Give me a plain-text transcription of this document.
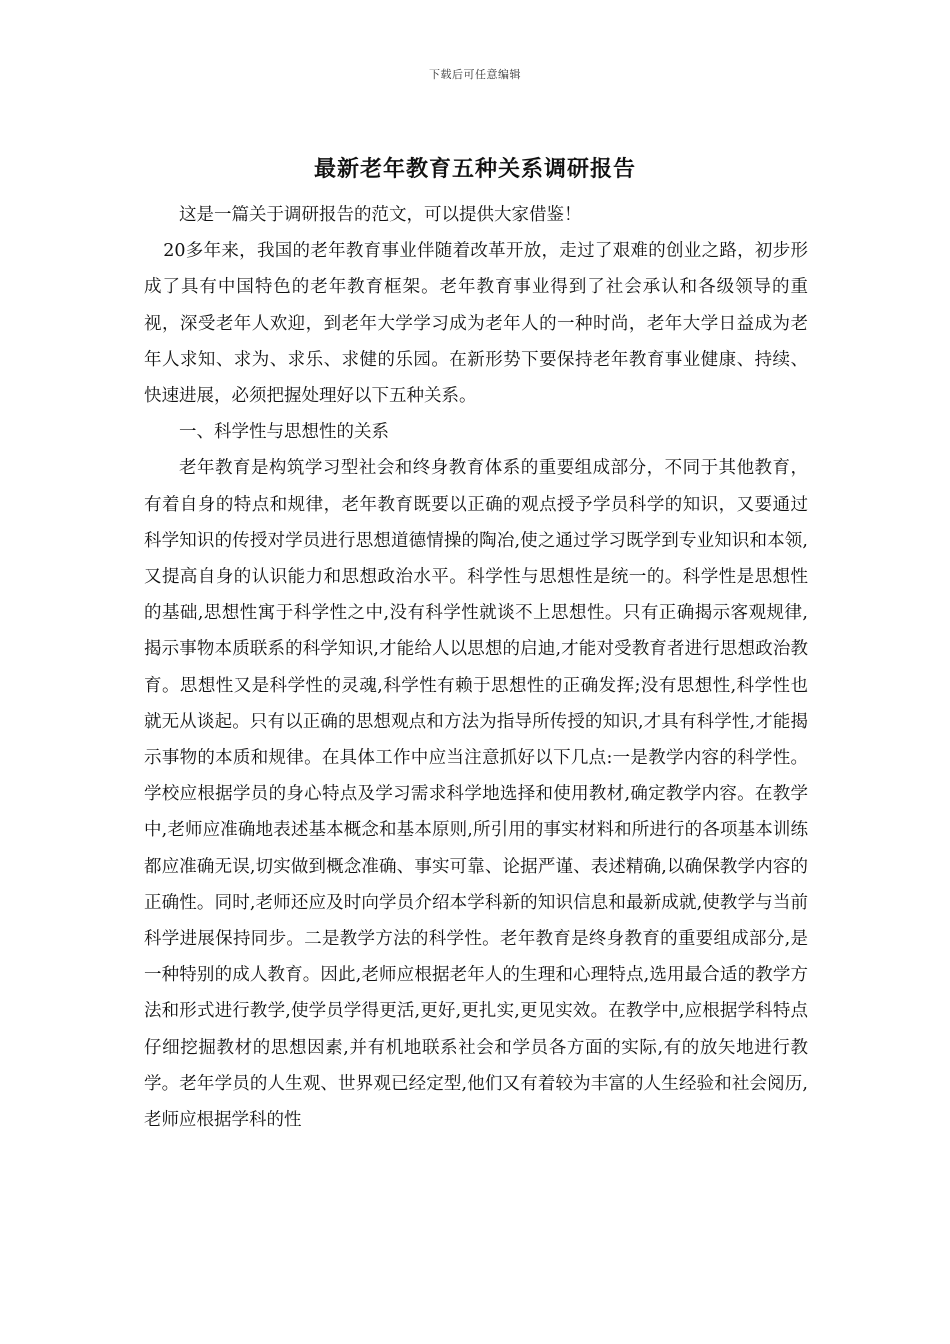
下载后可任意编辑
最新老年教育五种关系调研报告

这是一篇关于调研报告的范文，可以提供大家借鉴！

20多年来，我国的老年教育事业伴随着改革开放，走过了艰难的创业之路，初步形成了具有中国特色的老年教育框架。老年教育事业得到了社会承认和各级领导的重视，深受老年人欢迎，到老年大学学习成为老年人的一种时尚，老年大学日益成为老年人求知、求为、求乐、求健的乐园。在新形势下要保持老年教育事业健康、持续、快速进展，必须把握处理好以下五种关系。

一、科学性与思想性的关系

老年教育是构筑学习型社会和终身教育体系的重要组成部分，不同于其他教育，有着自身的特点和规律，老年教育既要以正确的观点授予学员科学的知识，又要通过科学知识的传授对学员进行思想道德情操的陶冶,使之通过学习既学到专业知识和本领,又提高自身的认识能力和思想政治水平。科学性与思想性是统一的。科学性是思想性的基础,思想性寓于科学性之中,没有科学性就谈不上思想性。只有正确揭示客观规律,揭示事物本质联系的科学知识,才能给人以思想的启迪,才能对受教育者进行思想政治教育。思想性又是科学性的灵魂,科学性有赖于思想性的正确发挥;没有思想性,科学性也就无从谈起。只有以正确的思想观点和方法为指导所传授的知识,才具有科学性,才能揭示事物的本质和规律。在具体工作中应当注意抓好以下几点:一是教学内容的科学性。学校应根据学员的身心特点及学习需求科学地选择和使用教材,确定教学内容。在教学中,老师应准确地表述基本概念和基本原则,所引用的事实材料和所进行的各项基本训练都应准确无误,切实做到概念准确、事实可靠、论据严谨、表述精确,以确保教学内容的正确性。同时,老师还应及时向学员介绍本学科新的知识信息和最新成就,使教学与当前科学进展保持同步。二是教学方法的科学性。老年教育是终身教育的重要组成部分,是一种特别的成人教育。因此,老师应根据老年人的生理和心理特点,选用最合适的教学方法和形式进行教学,使学员学得更活,更好,更扎实,更见实效。在教学中,应根据学科特点仔细挖掘教材的思想因素,并有机地联系社会和学员各方面的实际,有的放矢地进行教学。老年学员的人生观、世界观已经定型,他们又有着较为丰富的人生经验和社会阅历,老师应根据学科的性
